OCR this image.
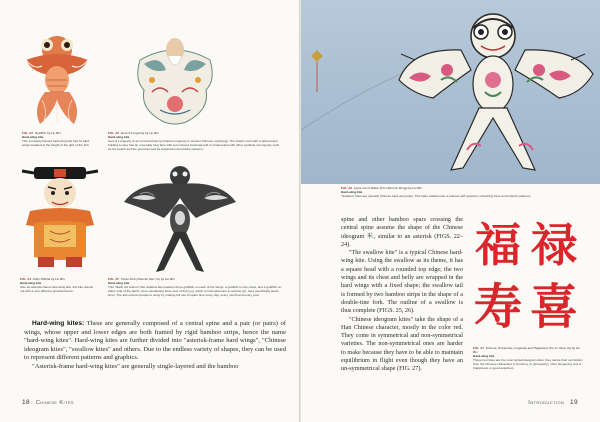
FIG. 22 Goldfish by Liu Bin
Hard-wing kite
This concisely-framed hard-wing kite has its hard wings situated at the height of the gills of the fish.
FIG. 23 God of Longevity by Liu Bin
Hard-wing kite
God of Longevity is an immortal that symbolizes longevity in ancient Chinese mythology. The elderly man with a white beard holding a cane has an unusually long face with a prominent forehead and is ornamented with other symbols of longevity such as the peach and the gourd as well as auspicious decorative patterns.
FIG. 24 Petty Official by Liu Bin
Hard-wing kite
Also an asterisk-frame hard-wing kite, this kite stands out with a very different pictorial theme.
FIG. 25 Three Fish (Xiao Zu San Yu) by Liu Bin
Hard-wing kite
This "black pot bottom"-like swallow kite features three goldfish on each of the wings, a goldfish on the chest, and a goldfish on either side of the tail fin, thus constituting three sets of fish (yu), which is homophonous to surplus (yu, here specifically spare time). The kite exhorts people to study by making full use of spare time every day, every month and every year.

Hard-wing kites: These are generally composed of a central spine and a pair (or pairs) of wings, whose upper and lower edges are both framed by rigid bamboo strips, hence the name "hard-wing kites". Hard-wing kites are further divided into "asterisk-frame hard wings", "Chinese ideogram kites", "swallow kites" and others. Due to the endless variety of shapes, they can be used to represent different patterns and graphics.

"Asterisk-frame hard-wing kites" are generally single-layered and the bamboo

18 Chinese Kites
FIG. 26 Lotus out of Water (Chu Shui Fu Rong) by Liu Bin
Hard-wing kite
"Swallow" kites are typically Chinese hard-wing kites. This baby swallow kite is painted with graceful, refreshing lotus and butterfly patterns.

spine and other bamboo spars crossing the central spine assume the shape of the Chinese ideogram 米, similar to an asterisk (FIGS. 22–24).

"The swallow kite" is a typical Chinese hard-wing kite. Using the swallow as its theme, it has a square head with a rounded top edge; the two wings and its chest and belly are wrapped in the hard wings with a fixed shape; the swallow tail is formed by two bamboo strips in the shape of a double-tine fork. The outline of a swallow is thus complete (FIGS. 25, 26).

"Chinese ideogram kites" take the shape of a Han Chinese character, mostly in the color red. They come in symmetrical and non-symmetrical varieties. The non-symmetrical ones are harder to make because they have to be able to maintain equilibrium in flight even though they have an un-symmetrical shape (FIG. 27).

福 禄
寿 喜
FIG. 27 Fortune, Prosperity, Longevity and Happiness (Fu Lu Shou Xi) by Liu Bin
Hard-wing kite
These four kites are the most typical ideogram kites; they derive their symbolism from the Chinese characters fu (fortune), lu (prosperity), shou (longevity) and xi (happiness or good auspices).
Introduction 19
